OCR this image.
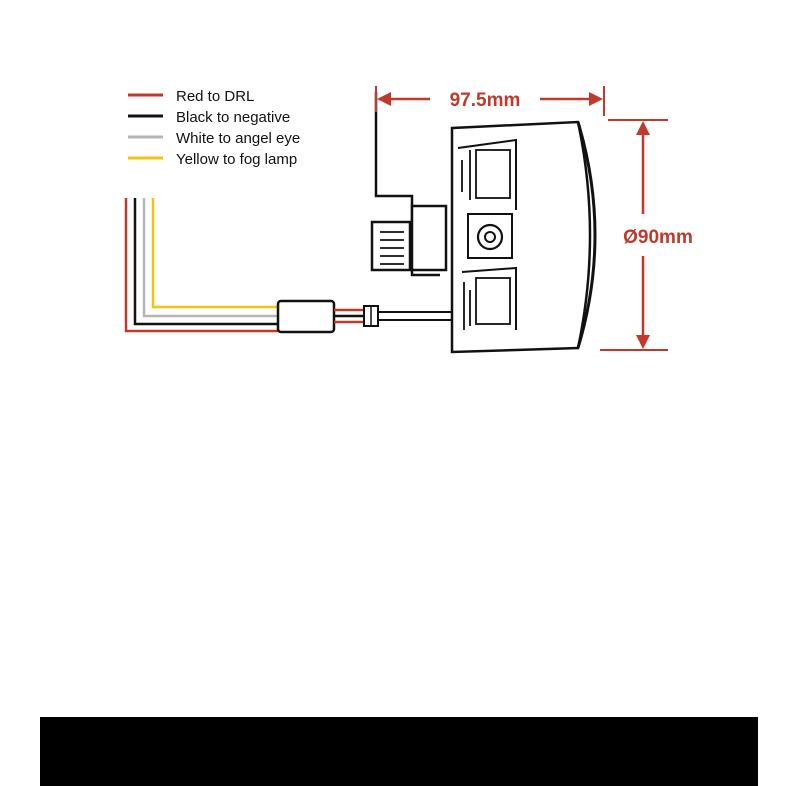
Red to DRL
Black to negative
White to angel eye
Yellow to fog lamp
97.5mm
Ø90mm
